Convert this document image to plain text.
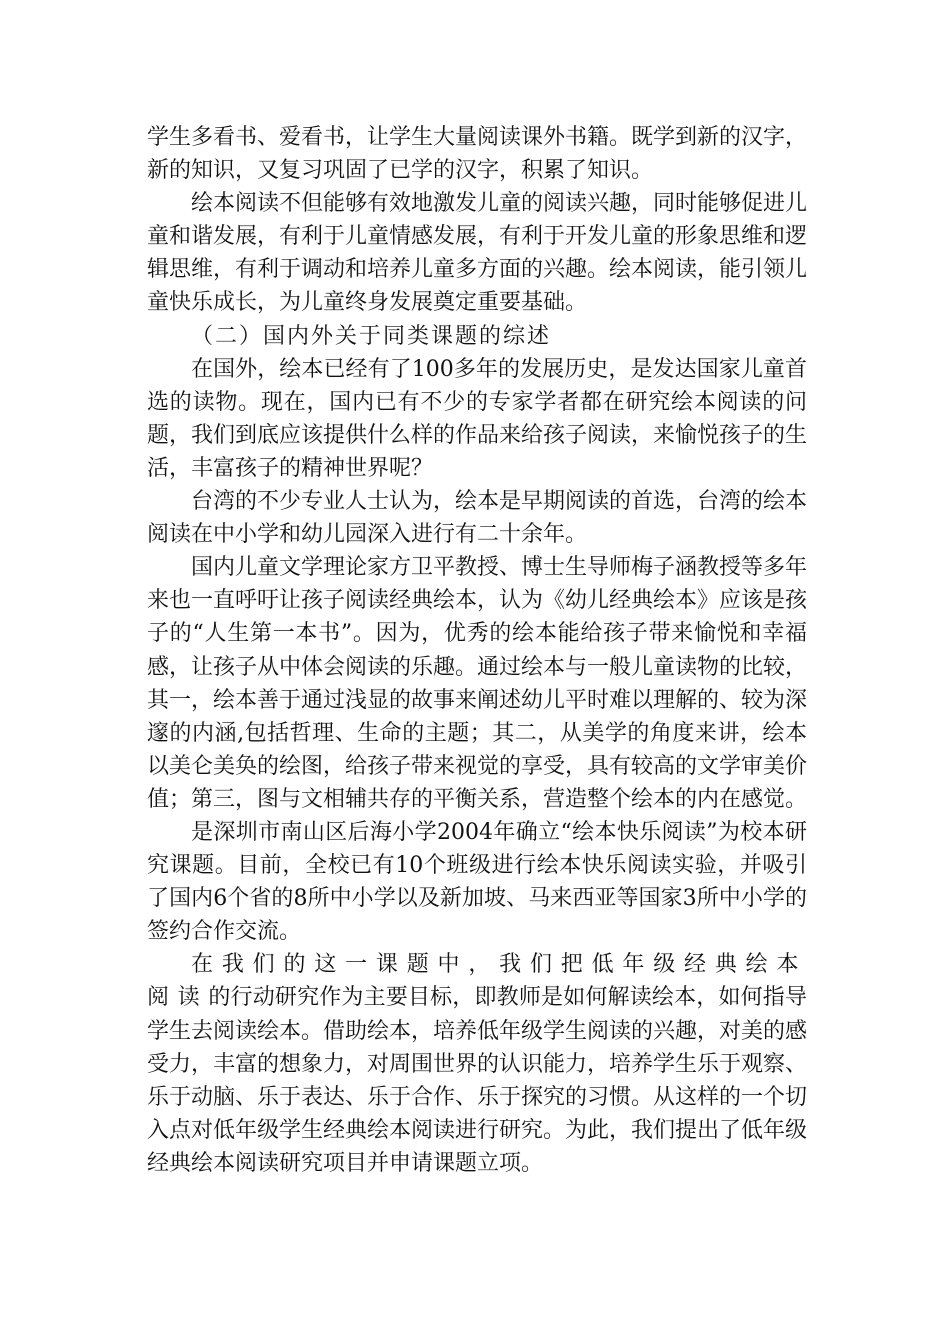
学生多看书、爱看书，让学生大量阅读课外书籍。既学到新的汉字，新的知识，又复习巩固了已学的汉字，积累了知识。

绘本阅读不但能够有效地激发儿童的阅读兴趣，同时能够促进儿童和谐发展，有利于儿童情感发展，有利于开发儿童的形象思维和逻辑思维，有利于调动和培养儿童多方面的兴趣。绘本阅读，能引领儿童快乐成长，为儿童终身发展奠定重要基础。

（二）国内外关于同类课题的综述

在国外，绘本已经有了100多年的发展历史，是发达国家儿童首选的读物。现在，国内已有不少的专家学者都在研究绘本阅读的问题，我们到底应该提供什么样的作品来给孩子阅读，来愉悦孩子的生活，丰富孩子的精神世界呢？

台湾的不少专业人士认为，绘本是早期阅读的首选，台湾的绘本阅读在中小学和幼儿园深入进行有二十余年。

国内儿童文学理论家方卫平教授、博士生导师梅子涵教授等多年来也一直呼吁让孩子阅读经典绘本，认为《幼儿经典绘本》应该是孩子的“人生第一本书”。因为，优秀的绘本能给孩子带来愉悦和幸福感，让孩子从中体会阅读的乐趣。通过绘本与一般儿童读物的比较，其一，绘本善于通过浅显的故事来阐述幼儿平时难以理解的、较为深邃的内涵,包括哲理、生命的主题；其二，从美学的角度来讲，绘本以美仑美奂的绘图，给孩子带来视觉的享受，具有较高的文学审美价值；第三，图与文相辅共存的平衡关系，营造整个绘本的内在感觉。

是深圳市南山区后海小学2004年确立“绘本快乐阅读”为校本研究课题。目前，全校已有10个班级进行绘本快乐阅读实验，并吸引了国内6个省的8所中小学以及新加坡、马来西亚等国家3所中小学的签约合作交流。

在我们的这一课题中，我们把低年级经典绘本阅读的行动研究作为主要目标，即教师是如何解读绘本，如何指导学生去阅读绘本。借助绘本，培养低年级学生阅读的兴趣，对美的感受力，丰富的想象力，对周围世界的认识能力，培养学生乐于观察、乐于动脑、乐于表达、乐于合作、乐于探究的习惯。从这样的一个切入点对低年级学生经典绘本阅读进行研究。为此，我们提出了低年级经典绘本阅读研究项目并申请课题立项。
